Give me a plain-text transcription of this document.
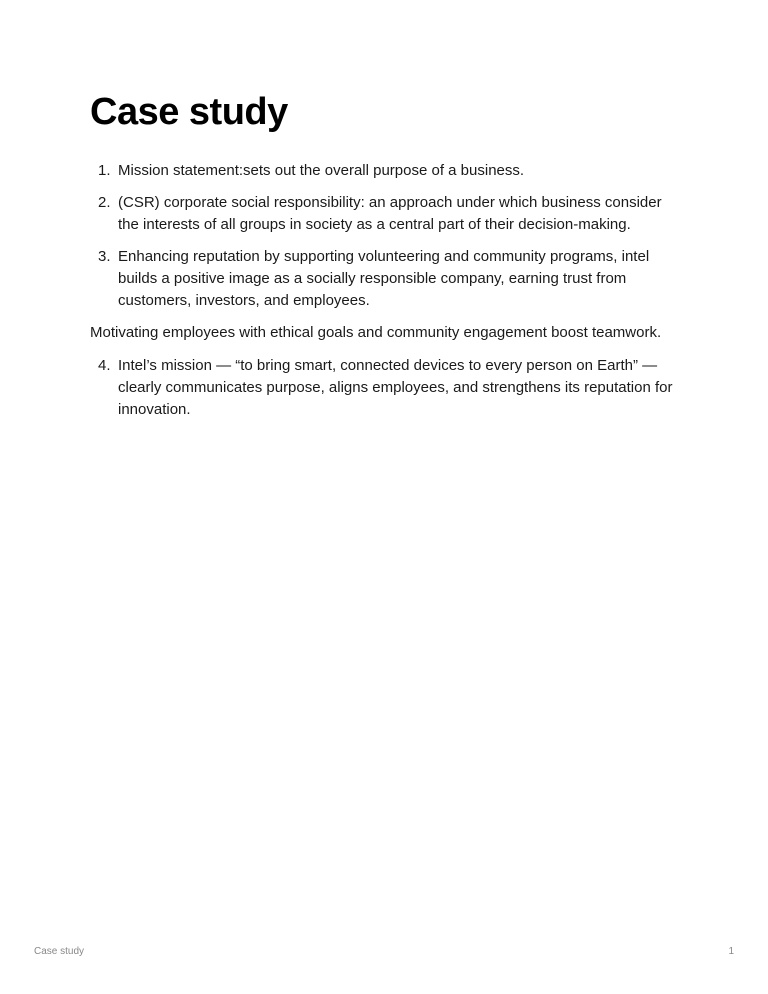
Case study
1. Mission statement:sets out the overall purpose of a business.
2. (CSR) corporate social responsibility: an approach under which business consider the interests of all groups in society as a central part of their decision-making.
3. Enhancing reputation by supporting volunteering and community programs, intel builds a positive image as a socially responsible company, earning trust from customers, investors, and employees.

Motivating employees with ethical goals and community engagement boost teamwork.

4. Intel’s mission — “to bring smart, connected devices to every person on Earth” — clearly communicates purpose, aligns employees, and strengthens its reputation for innovation.
Case study	1
